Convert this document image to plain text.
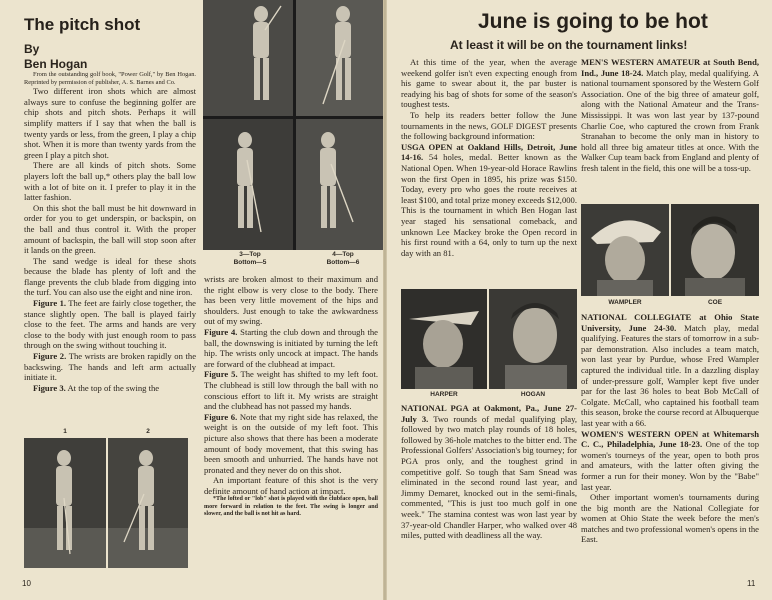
The pitch shot
By
Ben Hogan

From the outstanding golf book, "Power Golf," by Ben Hogan. Reprinted by permission of publisher, A. S. Barnes and Co.

Two different iron shots which are almost always sure to confuse the beginning golfer are chip shots and pitch shots. Perhaps it will simplify matters if I say that when the ball is twenty yards or less, from the green, I play a chip shot. When it is more than twenty yards from the green I play a pitch shot.

There are all kinds of pitch shots. Some players loft the ball up,* others play the ball low with a lot of bite on it. I prefer to play it in the latter fashion.

On this shot the ball must be hit downward in order for you to get underspin, or backspin, on the ball and thus control it. With the proper amount of backspin, the ball will stop soon after it lands on the green.

The sand wedge is ideal for these shots because the blade has plenty of loft and the flange prevents the club blade from digging into the turf. You can also use the eight and nine iron.

Figure 1. The feet are fairly close together, the stance slightly open. The ball is played fairly close to the feet. The arms and hands are very close to the body with just enough room to pass through on the swing without touching it.

Figure 2. The wrists are broken rapidly on the backswing. The hands and left arm actually initiate it.

Figure 3. At the top of the swing the

3—Top
Bottom—5
4—Top
Bottom—6
1	2

wrists are broken almost to their maximum and the right elbow is very close to the body. There has been very little movement of the hips and shoulders. Just enough to take the awkwardness out of my swing.

Figure 4. Starting the club down and through the ball, the downswing is initiated by turning the left hip. The wrists only uncock at impact. The hands are forward of the clubhead at impact.

Figure 5. The weight has shifted to my left foot. The clubhead is still low through the ball with no conscious effort to lift it. My wrists are straight and the clubhead has not passed my hands.

Figure 6. Note that my right side has relaxed, the weight is on the outside of my left foot. This picture also shows that there has been a moderate amount of body movement, that this swing has been smooth and unhurried. The hands have not pronated and they never do on this shot.

An important feature of this shot is the very definite amount of hand action at impact.

*The lofted or "lob" shot is played with the clubface open, ball more forward in relation to the feet. The swing is longer and slower, and the ball is not hit as hard.

10
June is going to be hot
At least it will be on the tournament links!

At this time of the year, when the average weekend golfer isn't even expecting enough from his game to swear about it, the par buster is readying his bag of shots for some of the season's toughest tests.

To help its readers better follow the June tournaments in the news, GOLF DIGEST presents the following background information:

USGA OPEN at Oakland Hills, Detroit, June 14-16. 54 holes, medal. Better known as the National Open. When 19-year-old Horace Rawlins won the first Open in 1895, his prize was $150. Today, every pro who goes the route receives at least $100, and total prize money exceeds $12,000. This is the tournament in which Ben Hogan last year staged his sensational comeback, and unknown Lee Mackey broke the Open record in his first round with a 64, only to turn up the next day with an 81.

HARPER	HOGAN

NATIONAL PGA at Oakmont, Pa., June 27-July 3. Two rounds of medal qualifying play, followed by two match play rounds of 18 holes, followed by 36-hole matches to the bitter end. The Professional Golfers' Association's big tourney; for PGA pros only, and the toughest grind in competitive golf. So tough that Sam Snead was eliminated in the second round last year, and Jimmy Demaret, knocked out in the semi-finals, commented, "This is just too much golf in one week." The stamina contest was won last year by 37-year-old Chandler Harper, who walked over 48 miles, putted with deadliness all the way.

MEN'S WESTERN AMATEUR at South Bend, Ind., June 18-24. Match play, medal qualifying. A national tournament sponsored by the Western Golf Association. One of the big three of amateur golf, along with the National Amateur and the Trans-Mississippi. It was won last year by 137-pound Charlie Coe, who captured the crown from Frank Stranahan to become the only man in history to hold all three big amateur titles at once. With the Walker Cup team back from England and plenty of fresh talent in the field, this one will be a toss-up.

WAMPLER	COE

NATIONAL COLLEGIATE at Ohio State University, June 24-30. Match play, medal qualifying. Features the stars of tomorrow in a sub-par demonstration. Also includes a team match, won last year by Purdue, whose Fred Wampler captured the individual title. In a dazzling display of under-pressure golf, Wampler kept five under par for the last 36 holes to beat Bob McCall of Colgate. McCall, who captained his football team this season, broke the course record at Albuquerque last year with a 66.

WOMEN'S WESTERN OPEN at Whitemarsh C. C., Philadelphia, June 18-23. One of the top women's tourneys of the year, open to both pros and amateurs, with the latter often giving the former a run for their money. Won by the "Babe" last year.

Other important women's tournaments during the big month are the National Collegiate for women at Ohio State the week before the men's matches and two professional women's opens in the East.

11
